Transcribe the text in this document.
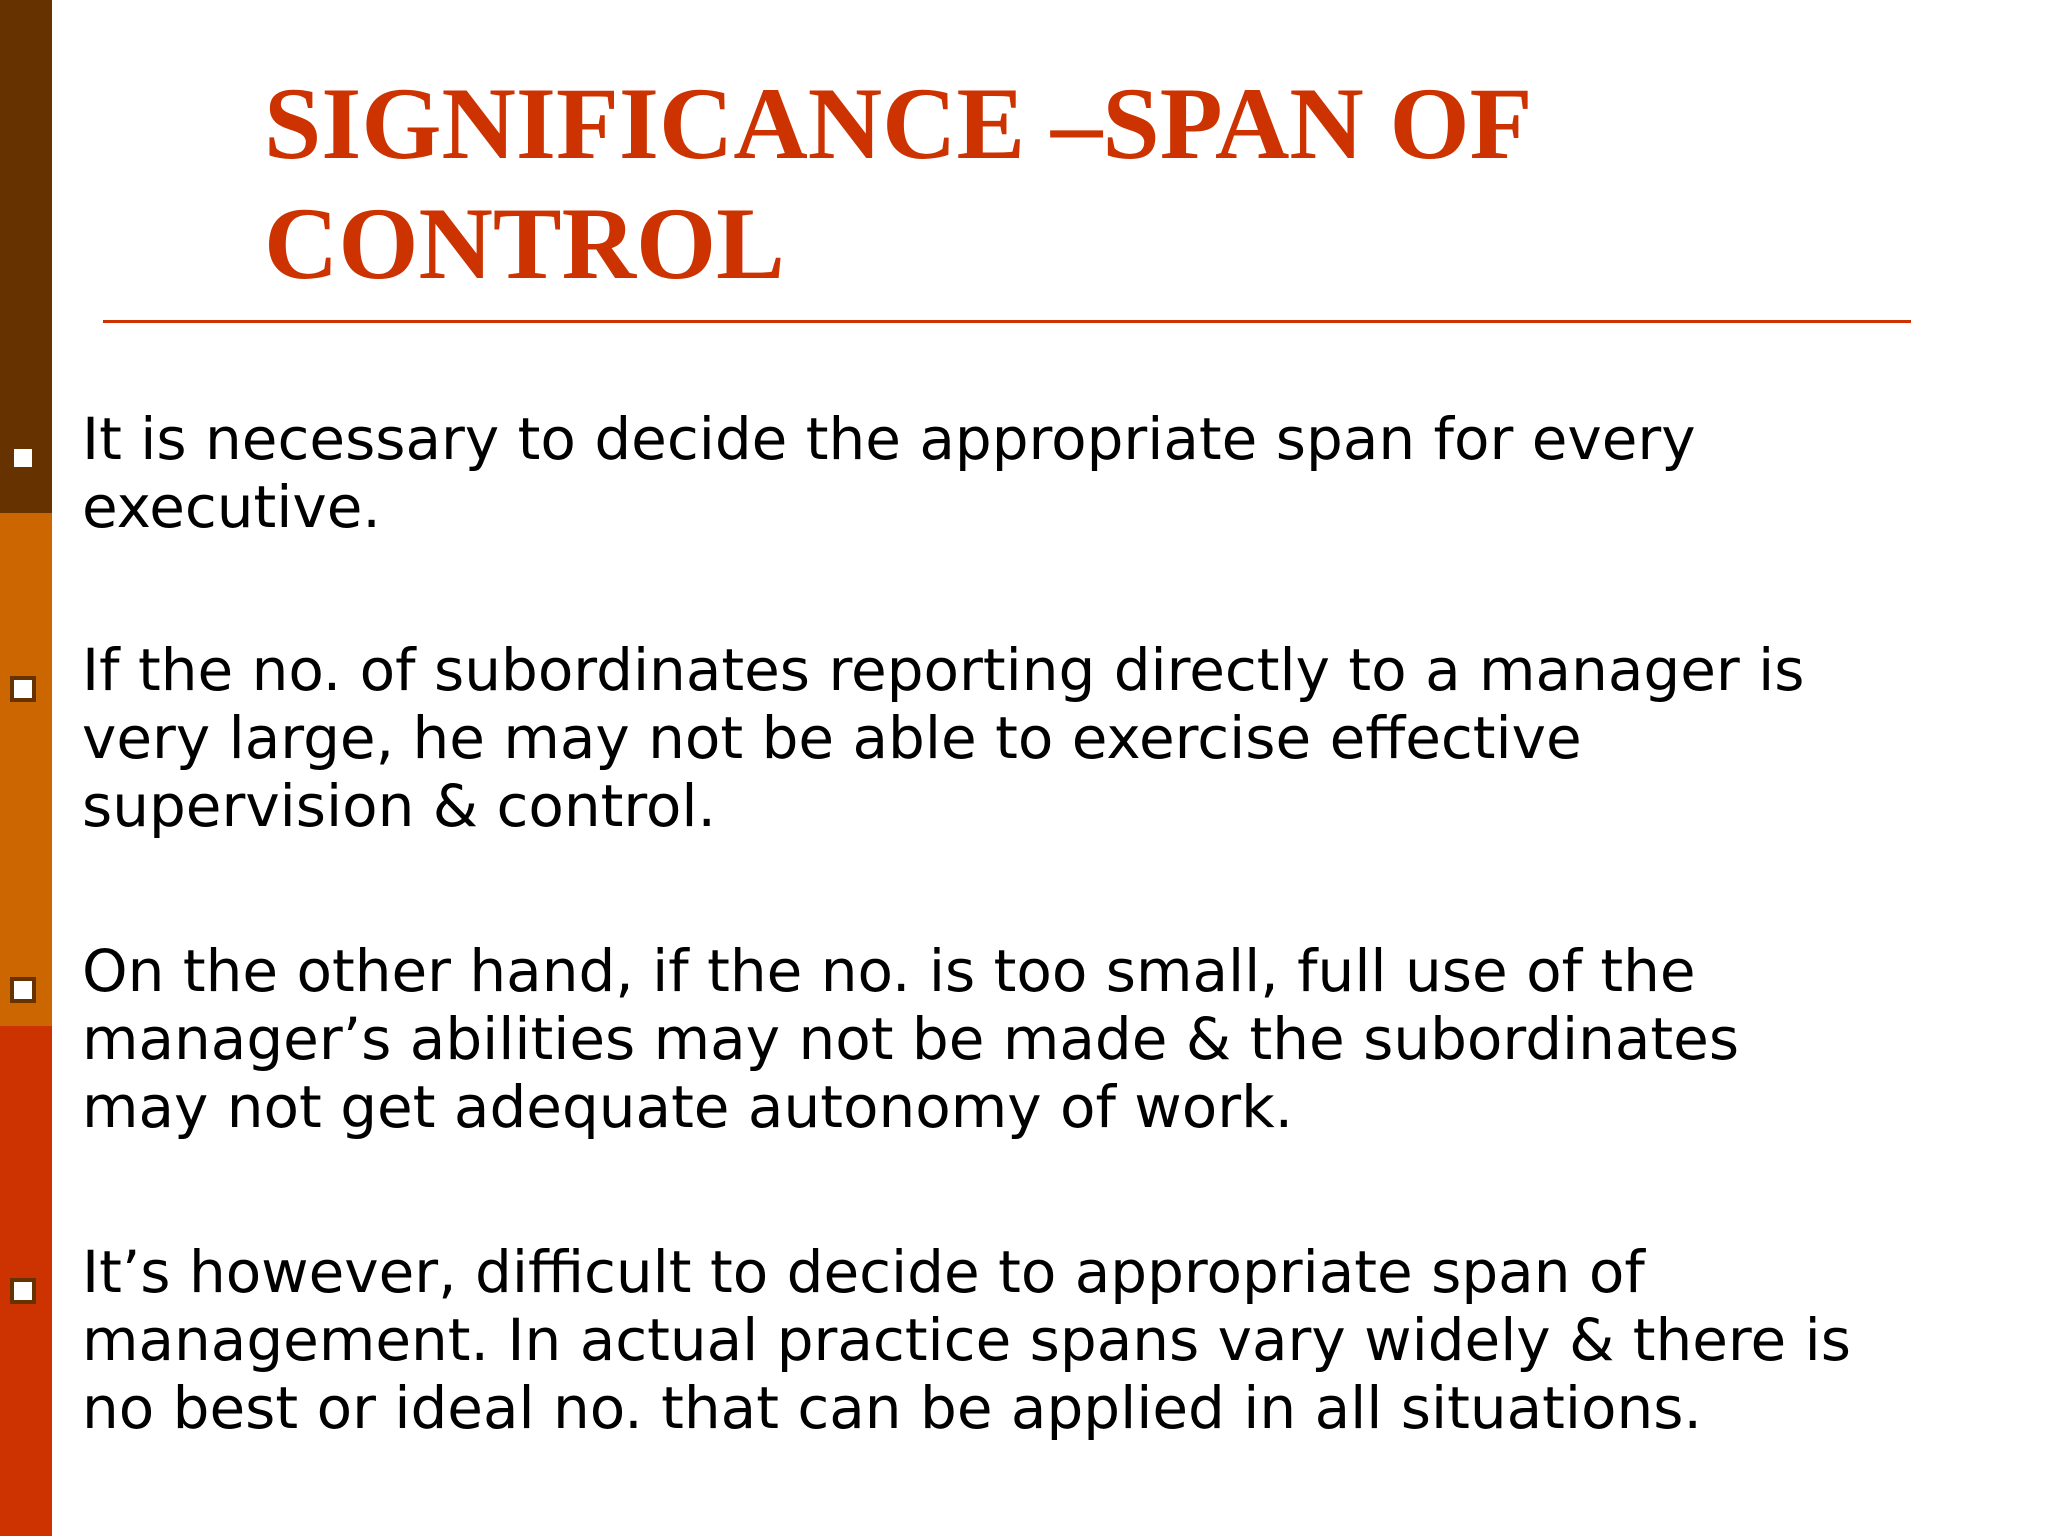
SIGNIFICANCE –SPAN OF CONTROL
It is necessary to decide the appropriate span for every executive.
If the no. of subordinates reporting directly to a manager is very large, he may not be able to exercise effective supervision & control.
On the other hand, if the no. is too small, full use of the manager’s abilities may not be made & the subordinates may not get adequate autonomy of work.
It’s however, difficult to decide to appropriate span of management. In actual practice spans vary widely & there is no best or ideal no. that can be applied in all situations.
